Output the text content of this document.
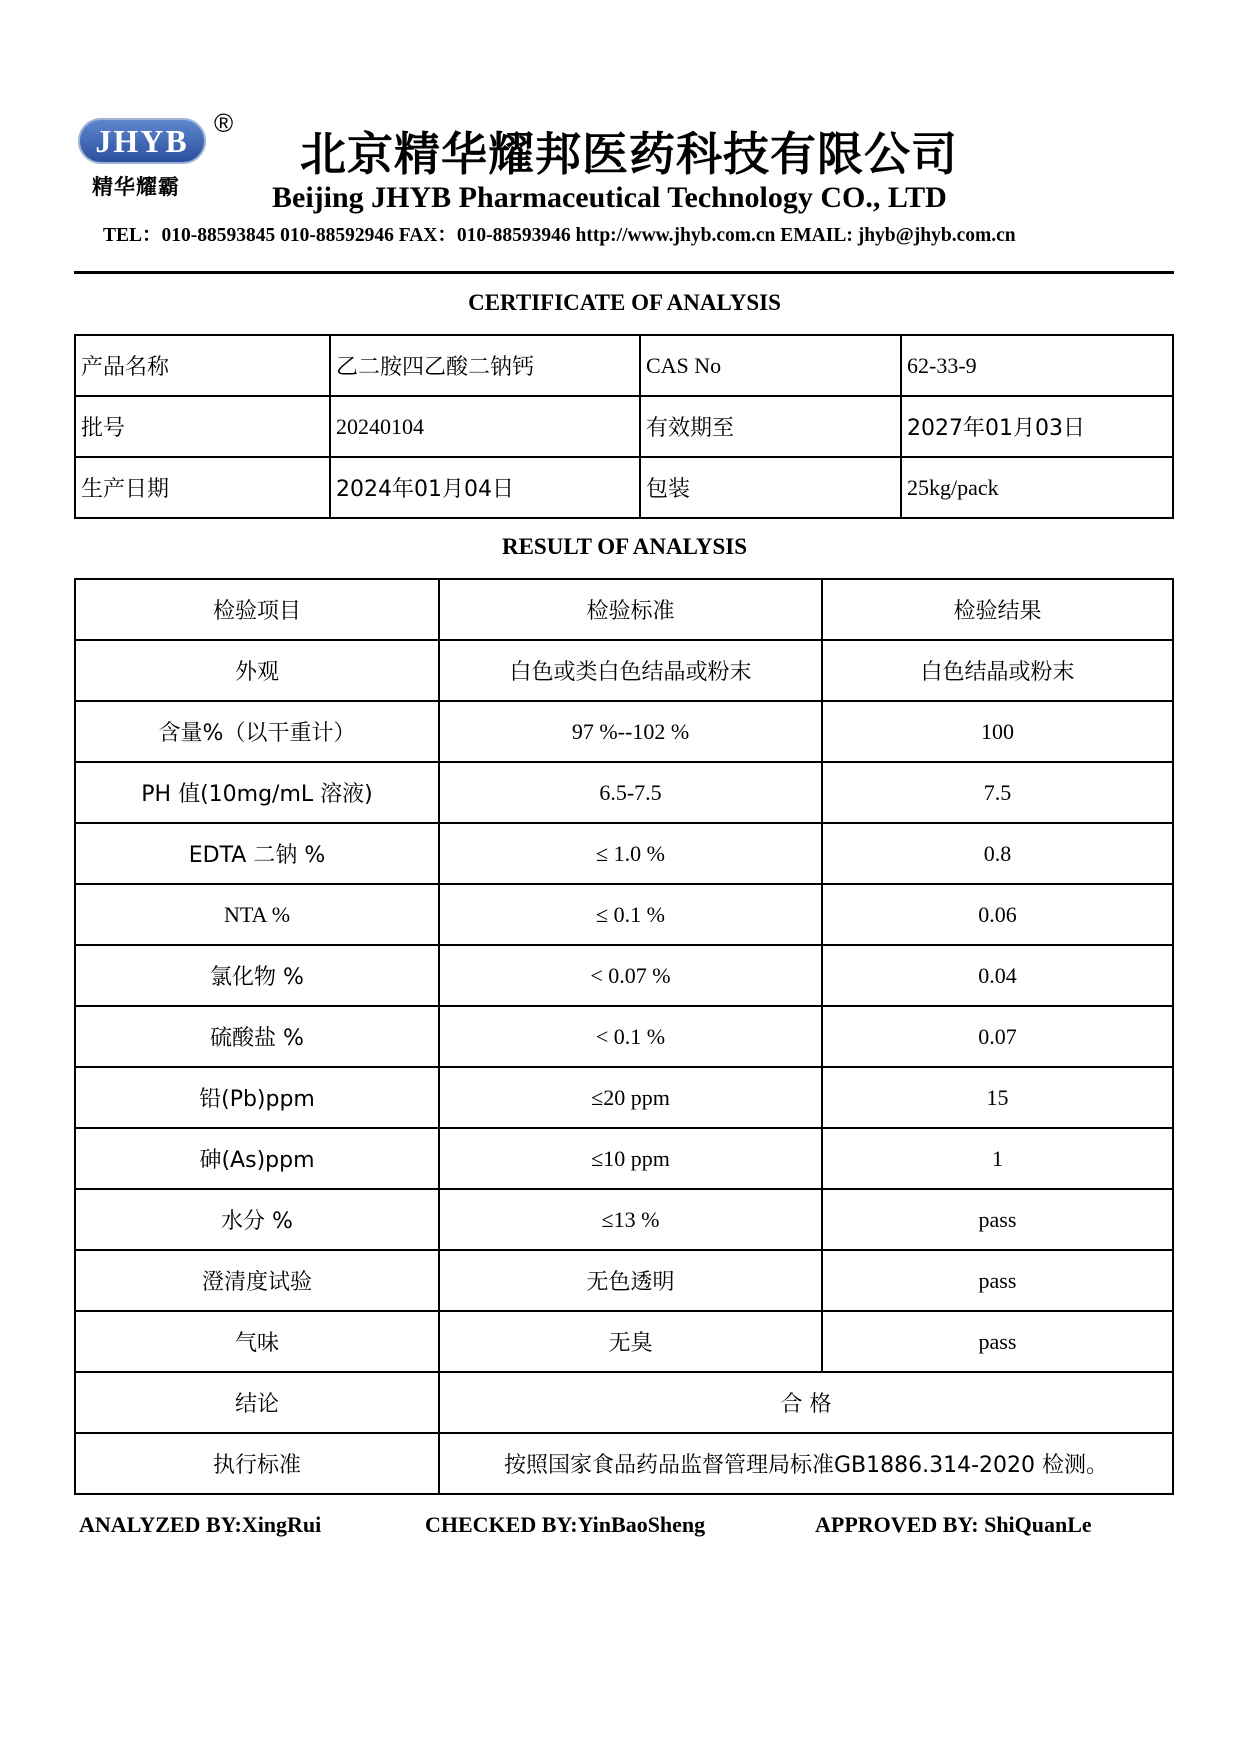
JHYB ®
精华耀霸
北京精华耀邦医药科技有限公司
Beijing JHYB Pharmaceutical Technology CO., LTD
TEL：010-88593845 010-88592946 FAX：010-88593946 http://www.jhyb.com.cn EMAIL: jhyb@jhyb.com.cn
CERTIFICATE OF ANALYSIS
产品名称	乙二胺四乙酸二钠钙	CAS No	62-33-9
批号	20240104	有效期至	2027年01月03日
生产日期	2024年01月04日	包装	25kg/pack
RESULT OF ANALYSIS
检验项目	检验标准	检验结果
外观	白色或类白色结晶或粉末	白色结晶或粉末
含量%（以干重计）	97 %--102 %	100
PH 值(10mg/mL 溶液)	6.5-7.5	7.5
EDTA 二钠 %	≤ 1.0 %	0.8
NTA %	≤ 0.1 %	0.06
氯化物 %	< 0.07 %	0.04
硫酸盐 %	< 0.1 %	0.07
铅(Pb)ppm	≤20 ppm	15
砷(As)ppm	≤10 ppm	1
水分 %	≤13 %	pass
澄清度试验	无色透明	pass
气味	无臭	pass
结论	合 格	
执行标准	按照国家食品药品监督管理局标准GB1886.314-2020 检测。	
ANALYZED BY:XingRui	CHECKED BY:YinBaoSheng	APPROVED BY: ShiQuanLe
